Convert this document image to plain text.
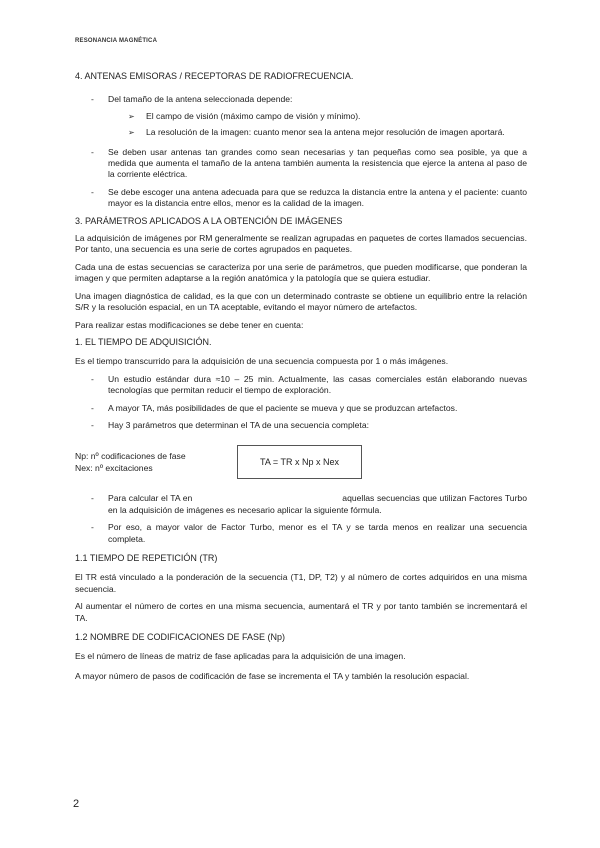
RESONANCIA MAGNÉTICA

4. ANTENAS EMISORAS / RECEPTORAS DE RADIOFRECUENCIA.

- Del tamaño de la antena seleccionada depende:

➢ El campo de visión (máximo campo de visión y mínimo).

➢ La resolución de la imagen: cuanto menor sea la antena mejor resolución de imagen aportará.

- Se deben usar antenas tan grandes como sean necesarias y tan pequeñas como sea posible, ya que a medida que aumenta el tamaño de la antena también aumenta la resistencia que ejerce la antena al paso de la corriente eléctrica.

- Se debe escoger una antena adecuada para que se reduzca la distancia entre la antena y el paciente: cuanto mayor es la distancia entre ellos, menor es la calidad de la imagen.

3. PARÁMETROS APLICADOS A LA OBTENCIÓN DE IMÁGENES

La adquisición de imágenes por RM generalmente se realizan agrupadas en paquetes de cortes llamados secuencias. Por tanto, una secuencia es una serie de cortes agrupados en paquetes.

Cada una de estas secuencias se caracteriza por una serie de parámetros, que pueden modificarse, que ponderan la imagen y que permiten adaptarse a la región anatómica y la patología que se quiera estudiar.

Una imagen diagnóstica de calidad, es la que con un determinado contraste se obtiene un equilibrio entre la relación S/R y la resolución espacial, en un TA aceptable, evitando el mayor número de artefactos.

Para realizar estas modificaciones se debe tener en cuenta:

1. EL TIEMPO DE ADQUISICIÓN.

Es el tiempo transcurrido para la adquisición de una secuencia compuesta por 1 o más imágenes.

- Un estudio estándar dura ≈10 – 25 min. Actualmente, las casas comerciales están elaborando nuevas tecnologías que permitan reducir el tiempo de exploración.

- A mayor TA, más posibilidades de que el paciente se mueva y que se produzcan artefactos.

- Hay 3 parámetros que determinan el TA de una secuencia completa:

Np: nº codificaciones de fase
Nex: nº excitaciones
TA = TR x Np x Nex

- Para calcular el TA en	aquellas secuencias que utilizan Factores Turbo en la adquisición de imágenes es necesario aplicar la siguiente fórmula.

- Por eso, a mayor valor de Factor Turbo, menor es el TA y se tarda menos en realizar una secuencia completa.

1.1 TIEMPO DE REPETICIÓN (TR)

El TR está vinculado a la ponderación de la secuencia (T1, DP, T2) y al número de cortes adquiridos en una misma secuencia.

Al aumentar el número de cortes en una misma secuencia, aumentará el TR y por tanto también se incrementará el TA.

1.2 NOMBRE DE CODIFICACIONES DE FASE (Np)

Es el número de líneas de matriz de fase aplicadas para la adquisición de una imagen.

A mayor número de pasos de codificación de fase se incrementa el TA y también la resolución espacial.

2
